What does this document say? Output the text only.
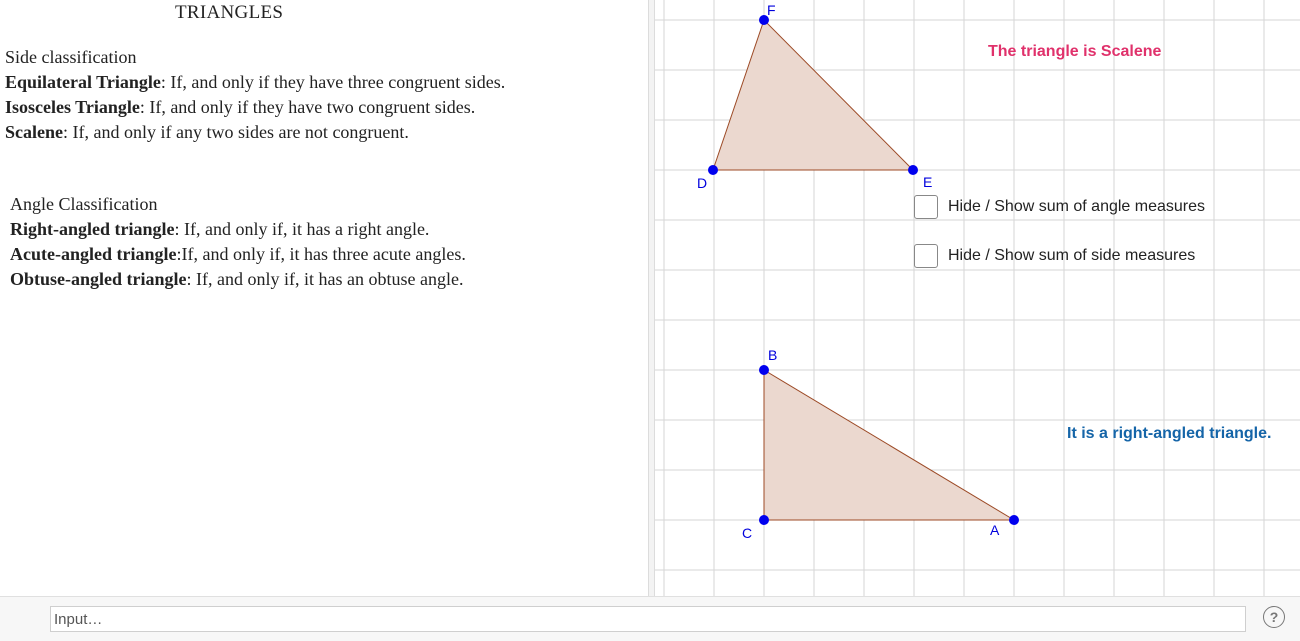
TRIANGLES
Side classification
Equilateral Triangle: If, and only if they have three congruent sides.
Isosceles Triangle: If, and only if they have two congruent sides.
Scalene: If, and only if any two sides are not congruent.
Angle Classification
Right-angled triangle: If, and only if, it has a right angle.
Acute-angled triangle:If, and only if, it has three acute angles.
Obtuse-angled triangle: If, and only if, it has an obtuse angle.
F
D	E
B
C	A
The triangle is Scalene
Hide / Show sum of angle measures
Hide / Show sum of side measures
It is a right-angled triangle.
Input…
?
